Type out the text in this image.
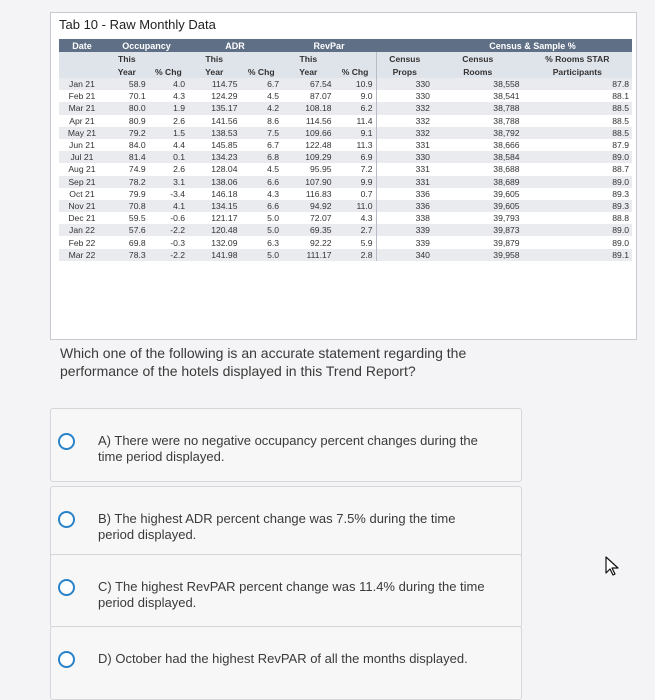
Tab 10 - Raw Monthly Data
Date	Occupancy		ADR		RevPar			Census & Sample %	
	This		This		This		Census	Census	% Rooms STAR
	Year	% Chg	Year	% Chg	Year	% Chg	Props	Rooms	Participants
Jan 21	58.9	4.0	114.75	6.7	67.54	10.9	330	38,558	87.8
Feb 21	70.1	4.3	124.29	4.5	87.07	9.0	330	38,541	88.1
Mar 21	80.0	1.9	135.17	4.2	108.18	6.2	332	38,788	88.5
Apr 21	80.9	2.6	141.56	8.6	114.56	11.4	332	38,788	88.5
May 21	79.2	1.5	138.53	7.5	109.66	9.1	332	38,792	88.5
Jun 21	84.0	4.4	145.85	6.7	122.48	11.3	331	38,666	87.9
Jul 21	81.4	0.1	134.23	6.8	109.29	6.9	330	38,584	89.0
Aug 21	74.9	2.6	128.04	4.5	95.95	7.2	331	38,688	88.7
Sep 21	78.2	3.1	138.06	6.6	107.90	9.9	331	38,689	89.0
Oct 21	79.9	-3.4	146.18	4.3	116.83	0.7	336	39,605	89.3
Nov 21	70.8	4.1	134.15	6.6	94.92	11.0	336	39,605	89.3
Dec 21	59.5	-0.6	121.17	5.0	72.07	4.3	338	39,793	88.8
Jan 22	57.6	-2.2	120.48	5.0	69.35	2.7	339	39,873	89.0
Feb 22	69.8	-0.3	132.09	6.3	92.22	5.9	339	39,879	89.0
Mar 22	78.3	-2.2	141.98	5.0	111.17	2.8	340	39,958	89.1
Which one of the following is an accurate statement regarding the performance of the hotels displayed in this Trend Report?
A) There were no negative occupancy percent changes during the time period displayed.
B) The highest ADR percent change was 7.5% during the time period displayed.
C) The highest RevPAR percent change was 11.4% during the time period displayed.
D) October had the highest RevPAR of all the months displayed.
